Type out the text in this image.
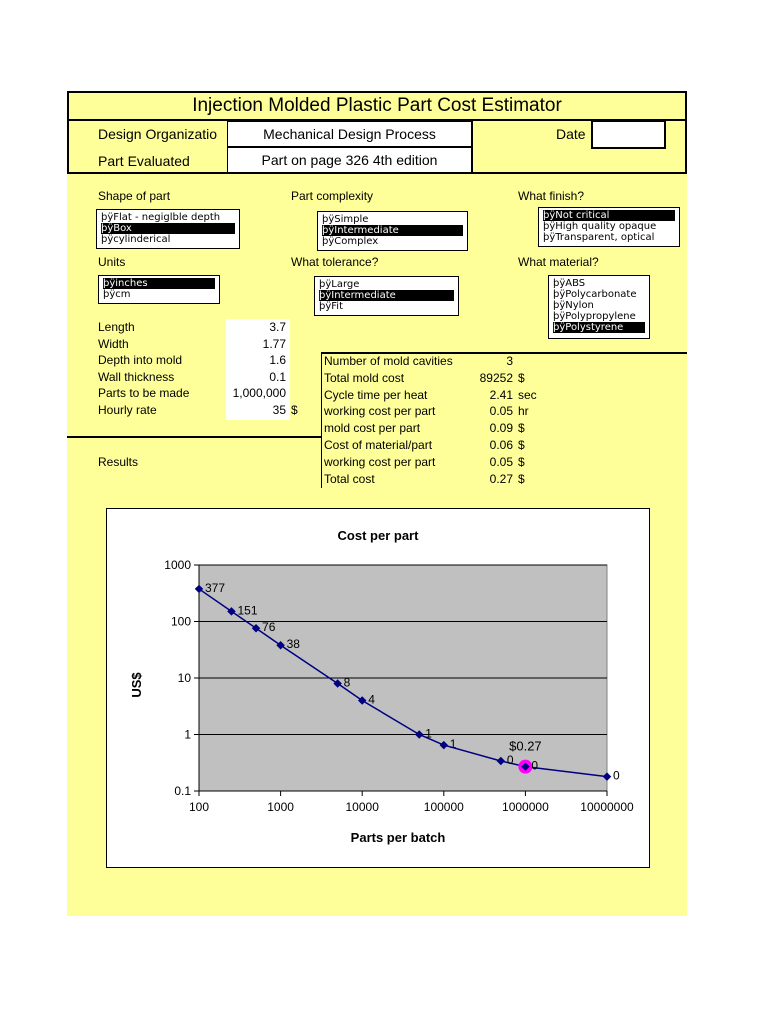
Injection Molded Plastic Part Cost Estimator
Design Organizatio	Mechanical Design Process	Date
Part Evaluated	Part on page 326 4th edition
Shape of part	Part complexity	What finish?
Units	What tolerance?	What material?
þÿFlat - negiglble depth
þÿBox
þÿcylinderical
þÿSimple
þÿIntermediate
þÿComplex
þÿNot critical
þÿHigh quality opaque
þÿTransparent, optical
þÿinches
þÿcm
þÿLarge
þÿIntermediate
þÿFit
þÿABS
þÿPolycarbonate
þÿNylon
þÿPolypropylene
þÿPolystyrene
Length	3.7
Width	1.77
Depth into mold	1.6
Wall thickness	0.1
Parts to be made	1,000,000
Hourly rate	35 $
Results
Number of mold cavities	3
Total mold cost	89252 $
Cycle time per heat	2.41 sec
working cost per part	0.05 hr
mold cost per part	0.09 $
Cost of material/part	0.06 $
working cost per part	0.05 $
Total cost	0.27 $
0.1
1
10
100
1000
100	1000	10000	100000	1000000	10000000
$0.27
377
151
76
38
8
4
1
1
0 0
0
Cost per part
Parts per batch
US$
